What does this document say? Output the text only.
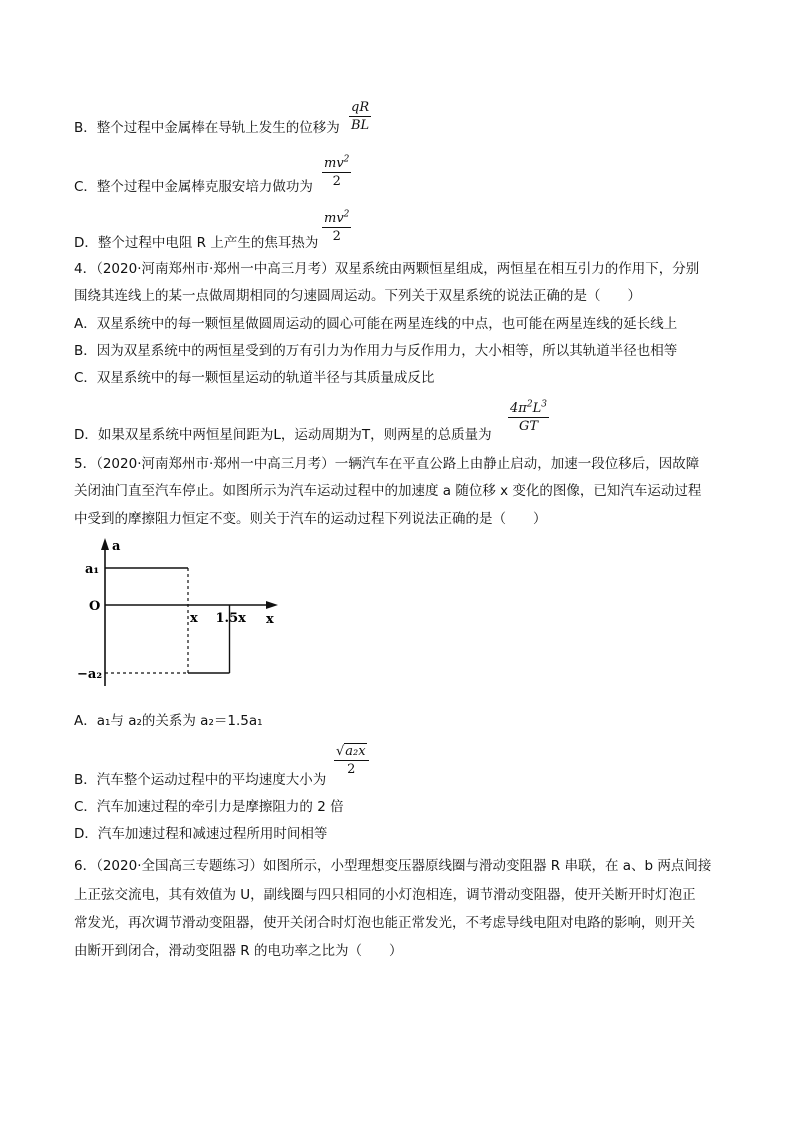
B．整个过程中金属棒在导轨上发生的位移为
qR
BL
C．整个过程中金属棒克服安培力做功为
$mv^2$
2
D．整个过程中电阻 R 上产生的焦耳热为
$mv^2$
2
4．（2020·河南郑州市·郑州一中高三月考）双星系统由两颗恒星组成，两恒星在相互引力的作用下，分别
围绕其连线上的某一点做周期相同的匀速圆周运动。下列关于双星系统的说法正确的是（　　）
A．双星系统中的每一颗恒星做圆周运动的圆心可能在两星连线的中点，也可能在两星连线的延长线上
B．因为双星系统中的两恒星受到的万有引力为作用力与反作用力，大小相等，所以其轨道半径也相等
C．双星系统中的每一颗恒星运动的轨道半径与其质量成反比
D．如果双星系统中两恒星间距为L，运动周期为T，则两星的总质量为
$4\pi^2L^3$
GT
5．（2020·河南郑州市·郑州一中高三月考）一辆汽车在平直公路上由静止启动，加速一段位移后，因故障
关闭油门直至汽车停止。如图所示为汽车运动过程中的加速度 a 随位移 x 变化的图像，已知汽车运动过程
中受到的摩擦阻力恒定不变。则关于汽车的运动过程下列说法正确的是（　　）
a
x
O
a₁
−a₂
x 1.5x
A．a₁与 a₂的关系为 a₂＝1.5a₁
B．汽车整个运动过程中的平均速度大小为
√a₂x
2
C．汽车加速过程的牵引力是摩擦阻力的 2 倍
D．汽车加速过程和减速过程所用时间相等
6．（2020·全国高三专题练习）如图所示，小型理想变压器原线圈与滑动变阻器 R 串联，在 a、b 两点间接
上正弦交流电，其有效值为 U，副线圈与四只相同的小灯泡相连，调节滑动变阻器，使开关断开时灯泡正
常发光，再次调节滑动变阻器，使开关闭合时灯泡也能正常发光，不考虑导线电阻对电路的影响，则开关
由断开到闭合，滑动变阻器 R 的电功率之比为（　　）
